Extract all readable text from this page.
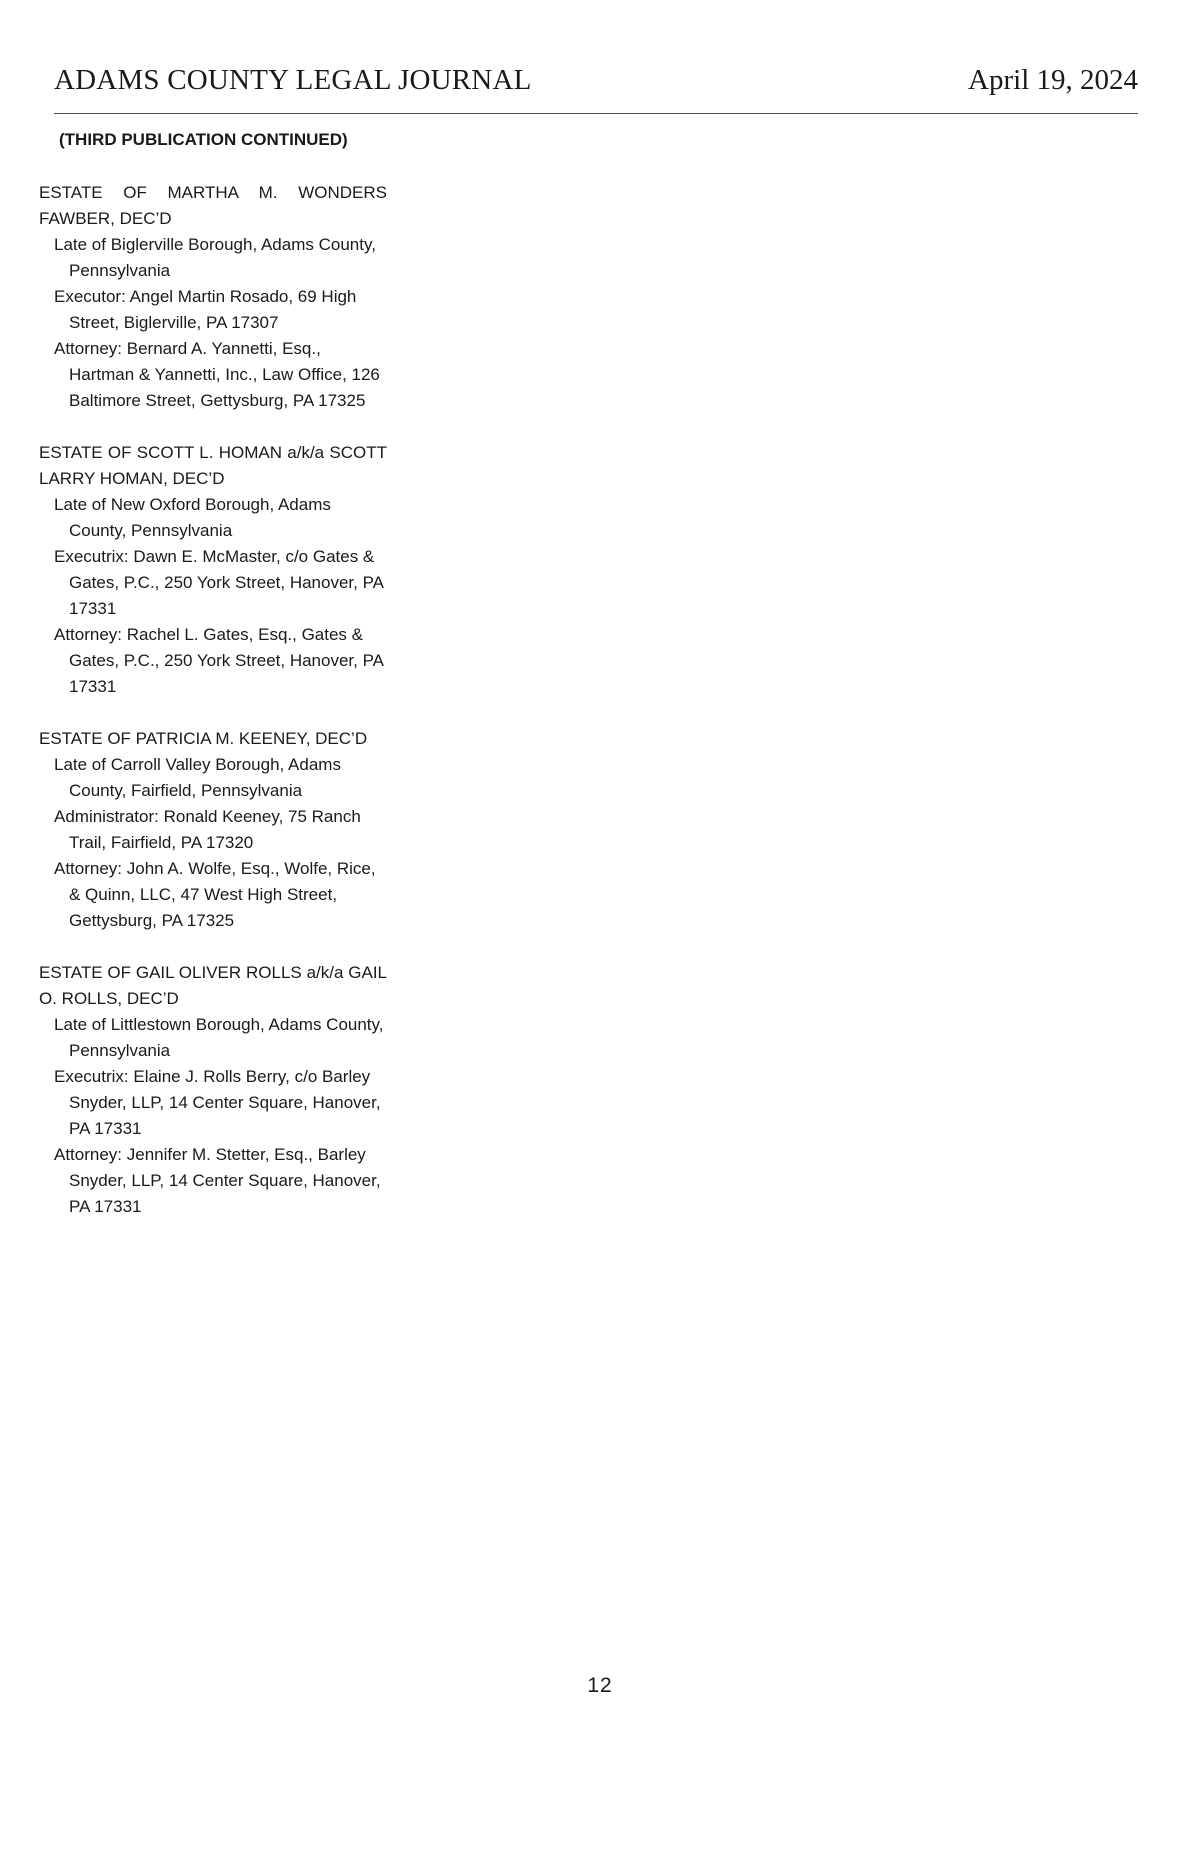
ADAMS COUNTY LEGAL JOURNAL	April 19, 2024
(THIRD PUBLICATION CONTINUED)
ESTATE OF MARTHA M. WONDERS FAWBER, DEC’D
Late of Biglerville Borough, Adams County, Pennsylvania
Executor: Angel Martin Rosado, 69 High Street, Biglerville, PA 17307
Attorney: Bernard A. Yannetti, Esq., Hartman & Yannetti, Inc., Law Office, 126 Baltimore Street, Gettysburg, PA 17325
ESTATE OF SCOTT L. HOMAN a/k/a SCOTT LARRY HOMAN, DEC’D
Late of New Oxford Borough, Adams County, Pennsylvania
Executrix: Dawn E. McMaster, c/o Gates & Gates, P.C., 250 York Street, Hanover, PA 17331
Attorney: Rachel L. Gates, Esq., Gates & Gates, P.C., 250 York Street, Hanover, PA 17331
ESTATE OF PATRICIA M. KEENEY, DEC’D
Late of Carroll Valley Borough, Adams County, Fairfield, Pennsylvania
Administrator: Ronald Keeney, 75 Ranch Trail, Fairfield, PA 17320
Attorney: John A. Wolfe, Esq., Wolfe, Rice, & Quinn, LLC, 47 West High Street, Gettysburg, PA 17325
ESTATE OF GAIL OLIVER ROLLS a/k/a GAIL O. ROLLS, DEC’D
Late of Littlestown Borough, Adams County, Pennsylvania
Executrix: Elaine J. Rolls Berry, c/o Barley Snyder, LLP, 14 Center Square, Hanover, PA 17331
Attorney: Jennifer M. Stetter, Esq., Barley Snyder, LLP, 14 Center Square, Hanover, PA 17331
12
